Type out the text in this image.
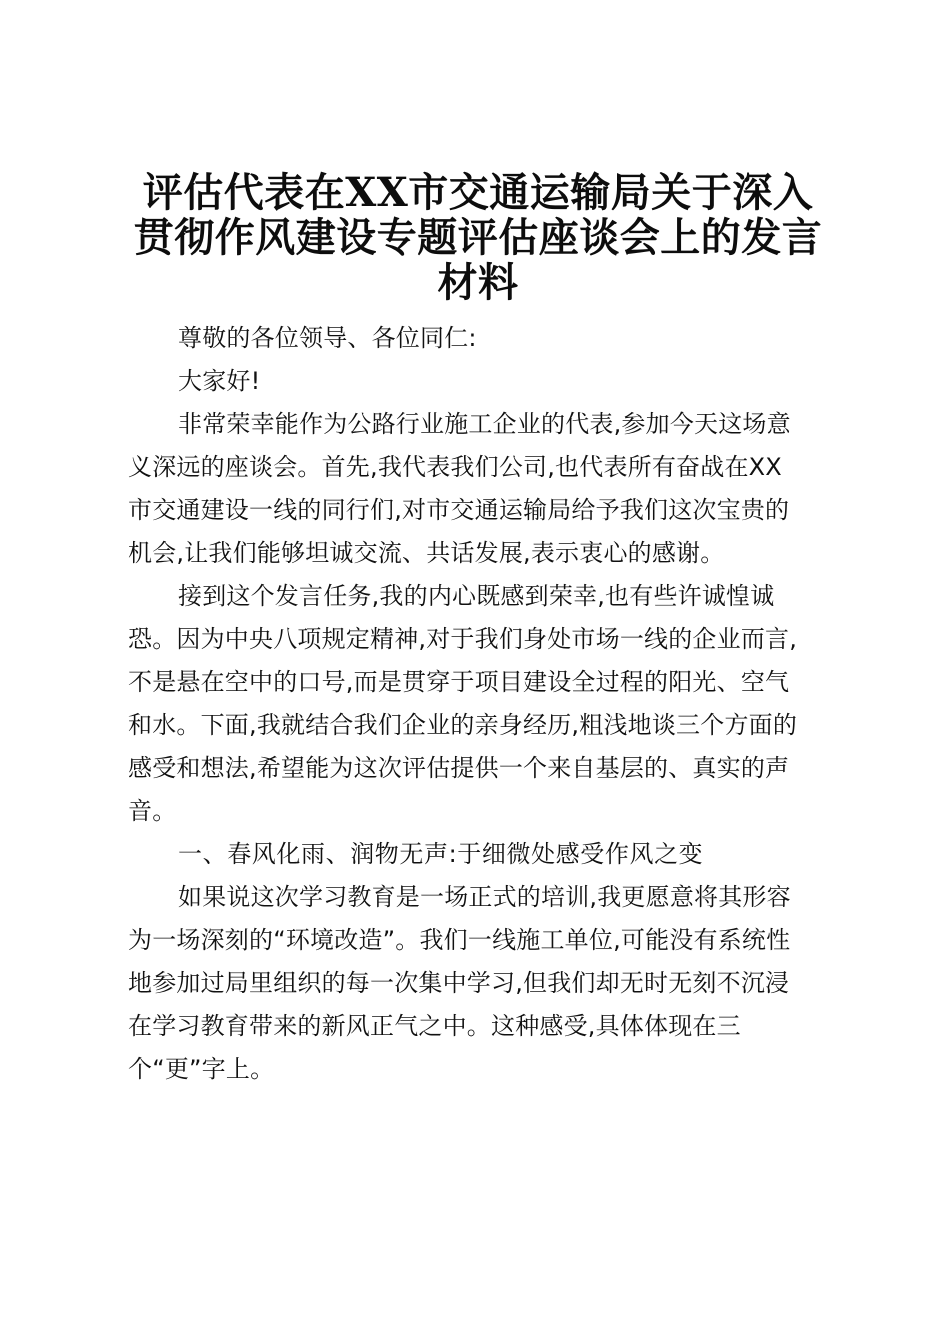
评估代表在XX市交通运输局关于深入
贯彻作风建设专题评估座谈会上的发言
材料

尊敬的各位领导、各位同仁:

大家好!

非常荣幸能作为公路行业施工企业的代表,参加今天这场意
义深远的座谈会。首先,我代表我们公司,也代表所有奋战在XX
市交通建设一线的同行们,对市交通运输局给予我们这次宝贵的
机会,让我们能够坦诚交流、共话发展,表示衷心的感谢。

接到这个发言任务,我的内心既感到荣幸,也有些许诚惶诚
恐。因为中央八项规定精神,对于我们身处市场一线的企业而言,
不是悬在空中的口号,而是贯穿于项目建设全过程的阳光、空气
和水。下面,我就结合我们企业的亲身经历,粗浅地谈三个方面的
感受和想法,希望能为这次评估提供一个来自基层的、真实的声
音。

一、春风化雨、润物无声:于细微处感受作风之变

如果说这次学习教育是一场正式的培训,我更愿意将其形容
为一场深刻的“环境改造”。我们一线施工单位,可能没有系统性
地参加过局里组织的每一次集中学习,但我们却无时无刻不沉浸
在学习教育带来的新风正气之中。这种感受,具体体现在三
个“更”字上。
